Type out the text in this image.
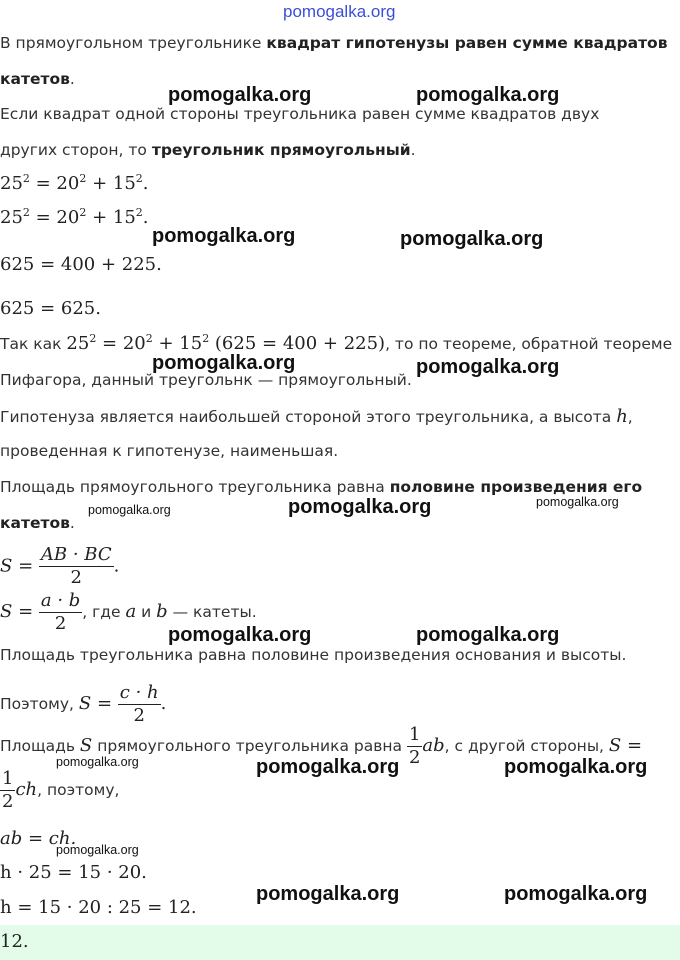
pomogalka.org
В прямоугольном треугольнике квадрат гипотенузы равен сумме квадратов
катетов.
Если квадрат одной стороны треугольника равен сумме квадратов двух
других сторон, то треугольник прямоугольный.
$25^2 = 20^2 + 15^2$.
$25^2 = 20^2 + 15^2$.
625 = 400 + 225.
625 = 625.
Так как $25^2 = 20^2 + 15^2$ (625 = 400 + 225), то по теореме, обратной теореме
Пифагора, данный треугольнк — прямоугольный.
Гипотенуза является наибольшей стороной этого треугольника, а высота h,
проведенная к гипотенузе, наименьшая.
Площадь прямоугольного треугольника равна половине произведения его
катетов.
$S = \frac{AB \cdot BC}{2}$ .
$S = \frac{a \cdot b}{2}$ , где a и b — катеты.
Площадь треугольника равна половине произведения основания и высоты.
Поэтому, $S = \frac{c \cdot h}{2}$ .
Площадь S прямоугольного треугольника равна $\frac{1}{2}$ ab, с другой стороны, S =
$\frac{1}{2}$ ch, поэтому,
ab = ch.
h · 25 = 15 · 20.
h = 15 · 20 : 25 = 12.
12.
pomogalka.org	pomogalka.org
pomogalka.org	pomogalka.org
pomogalka.org	pomogalka.org
pomogalka.org	pomogalka.org	pomogalka.org
pomogalka.org	pomogalka.org
pomogalka.org	pomogalka.org	pomogalka.org
pomogalka.org
pomogalka.org	pomogalka.org
